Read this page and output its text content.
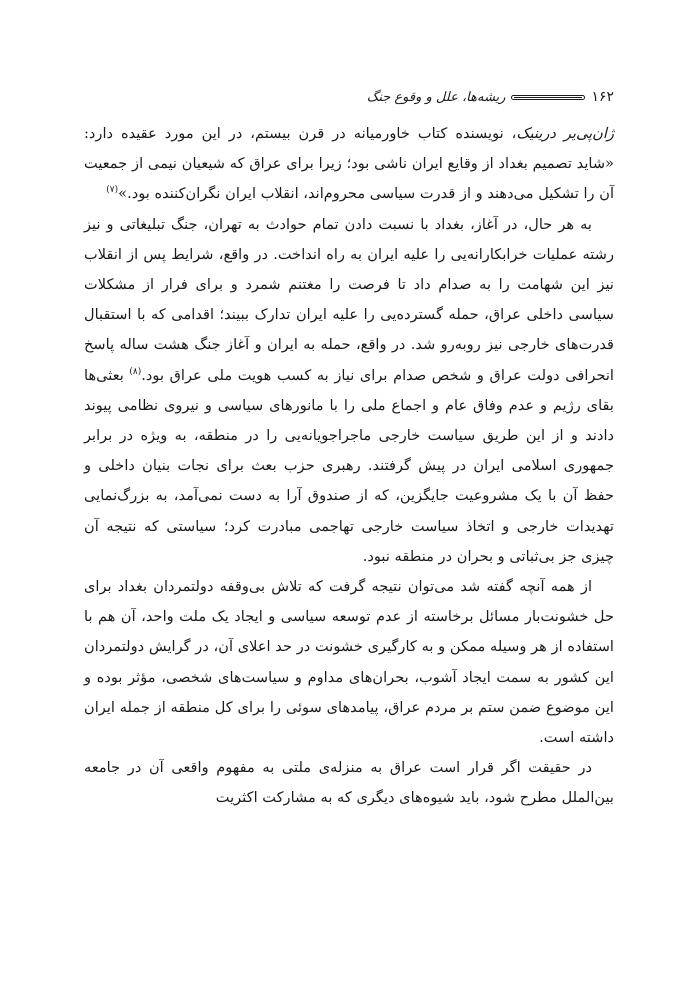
۱۶۲
ریشه‌ها، علل و وقوع جنگ

ژان‌پی‌یر درینیک، نویسنده کتاب خاورمیانه در قرن بیستم، در این مورد عقیده دارد: «شاید تصمیم بغداد از وقایع ایران ناشی بود؛ زیرا برای عراق که شیعیان نیمی از جمعیت آن را تشکیل می‌دهند و از قدرت سیاسی محروم‌اند، انقلاب ایران نگران‌کننده بود.»$^{(۷)}$

به هر حال، در آغاز، بغداد با نسبت دادن تمام حوادث به تهران، جنگ تبلیغاتی و نیز رشته عملیات خرابکارانه‌یی را علیه ایران به راه انداخت. در واقع، شرایط پس از انقلاب نیز این شهامت را به صدام داد تا فرصت را مغتنم شمرد و برای فرار از مشکلات سیاسی داخلی عراق، حمله گسترده‌یی را علیه ایران تدارک ببیند؛ اقدامی که با استقبال قدرت‌های خارجی نیز روبه‌رو شد. در واقع، حمله به ایران و آغاز جنگ هشت ساله پاسخ انحرافی دولت عراق و شخص صدام برای نیاز به کسب هویت ملی عراق بود.$^{(۸)}$ بعثی‌ها بقای رژیم و عدم وفاق عام و اجماع ملی را با مانورهای سیاسی و نیروی نظامی پیوند دادند و از این طریق سیاست خارجی ماجراجویانه‌یی را در منطقه، به ویژه در برابر جمهوری اسلامی ایران در پیش گرفتند. رهبری حزب بعث برای نجات بنیان داخلی و حفظ آن با یک مشروعیت جایگزین، که از صندوق آرا به دست نمی‌آمد، به بزرگ‌نمایی تهدیدات خارجی و اتخاذ سیاست خارجی تهاجمی مبادرت کرد؛ سیاستی که نتیجه آن چیزی جز بی‌ثباتی و بحران در منطقه نبود.

از همه آنچه گفته شد می‌توان نتیجه گرفت که تلاش بی‌وقفه دولتمردان بغداد برای حل خشونت‌بار مسائل برخاسته از عدم توسعه سیاسی و ایجاد یک ملت واحد، آن هم با استفاده از هر وسیله ممکن و به کارگیری خشونت در حد اعلای آن، در گرایش دولتمردان این کشور به سمت ایجاد آشوب، بحران‌های مداوم و سیاست‌های شخصی، مؤثر بوده و این موضوع ضمن ستم بر مردم عراق، پیامدهای سوئی را برای کل منطقه از جمله ایران داشته است.

در حقیقت اگر قرار است عراق به منزله‌ی ملتی به مفهوم واقعی آن در جامعه بین‌الملل مطرح شود، باید شیوه‌های دیگری که به مشارکت اکثریت
